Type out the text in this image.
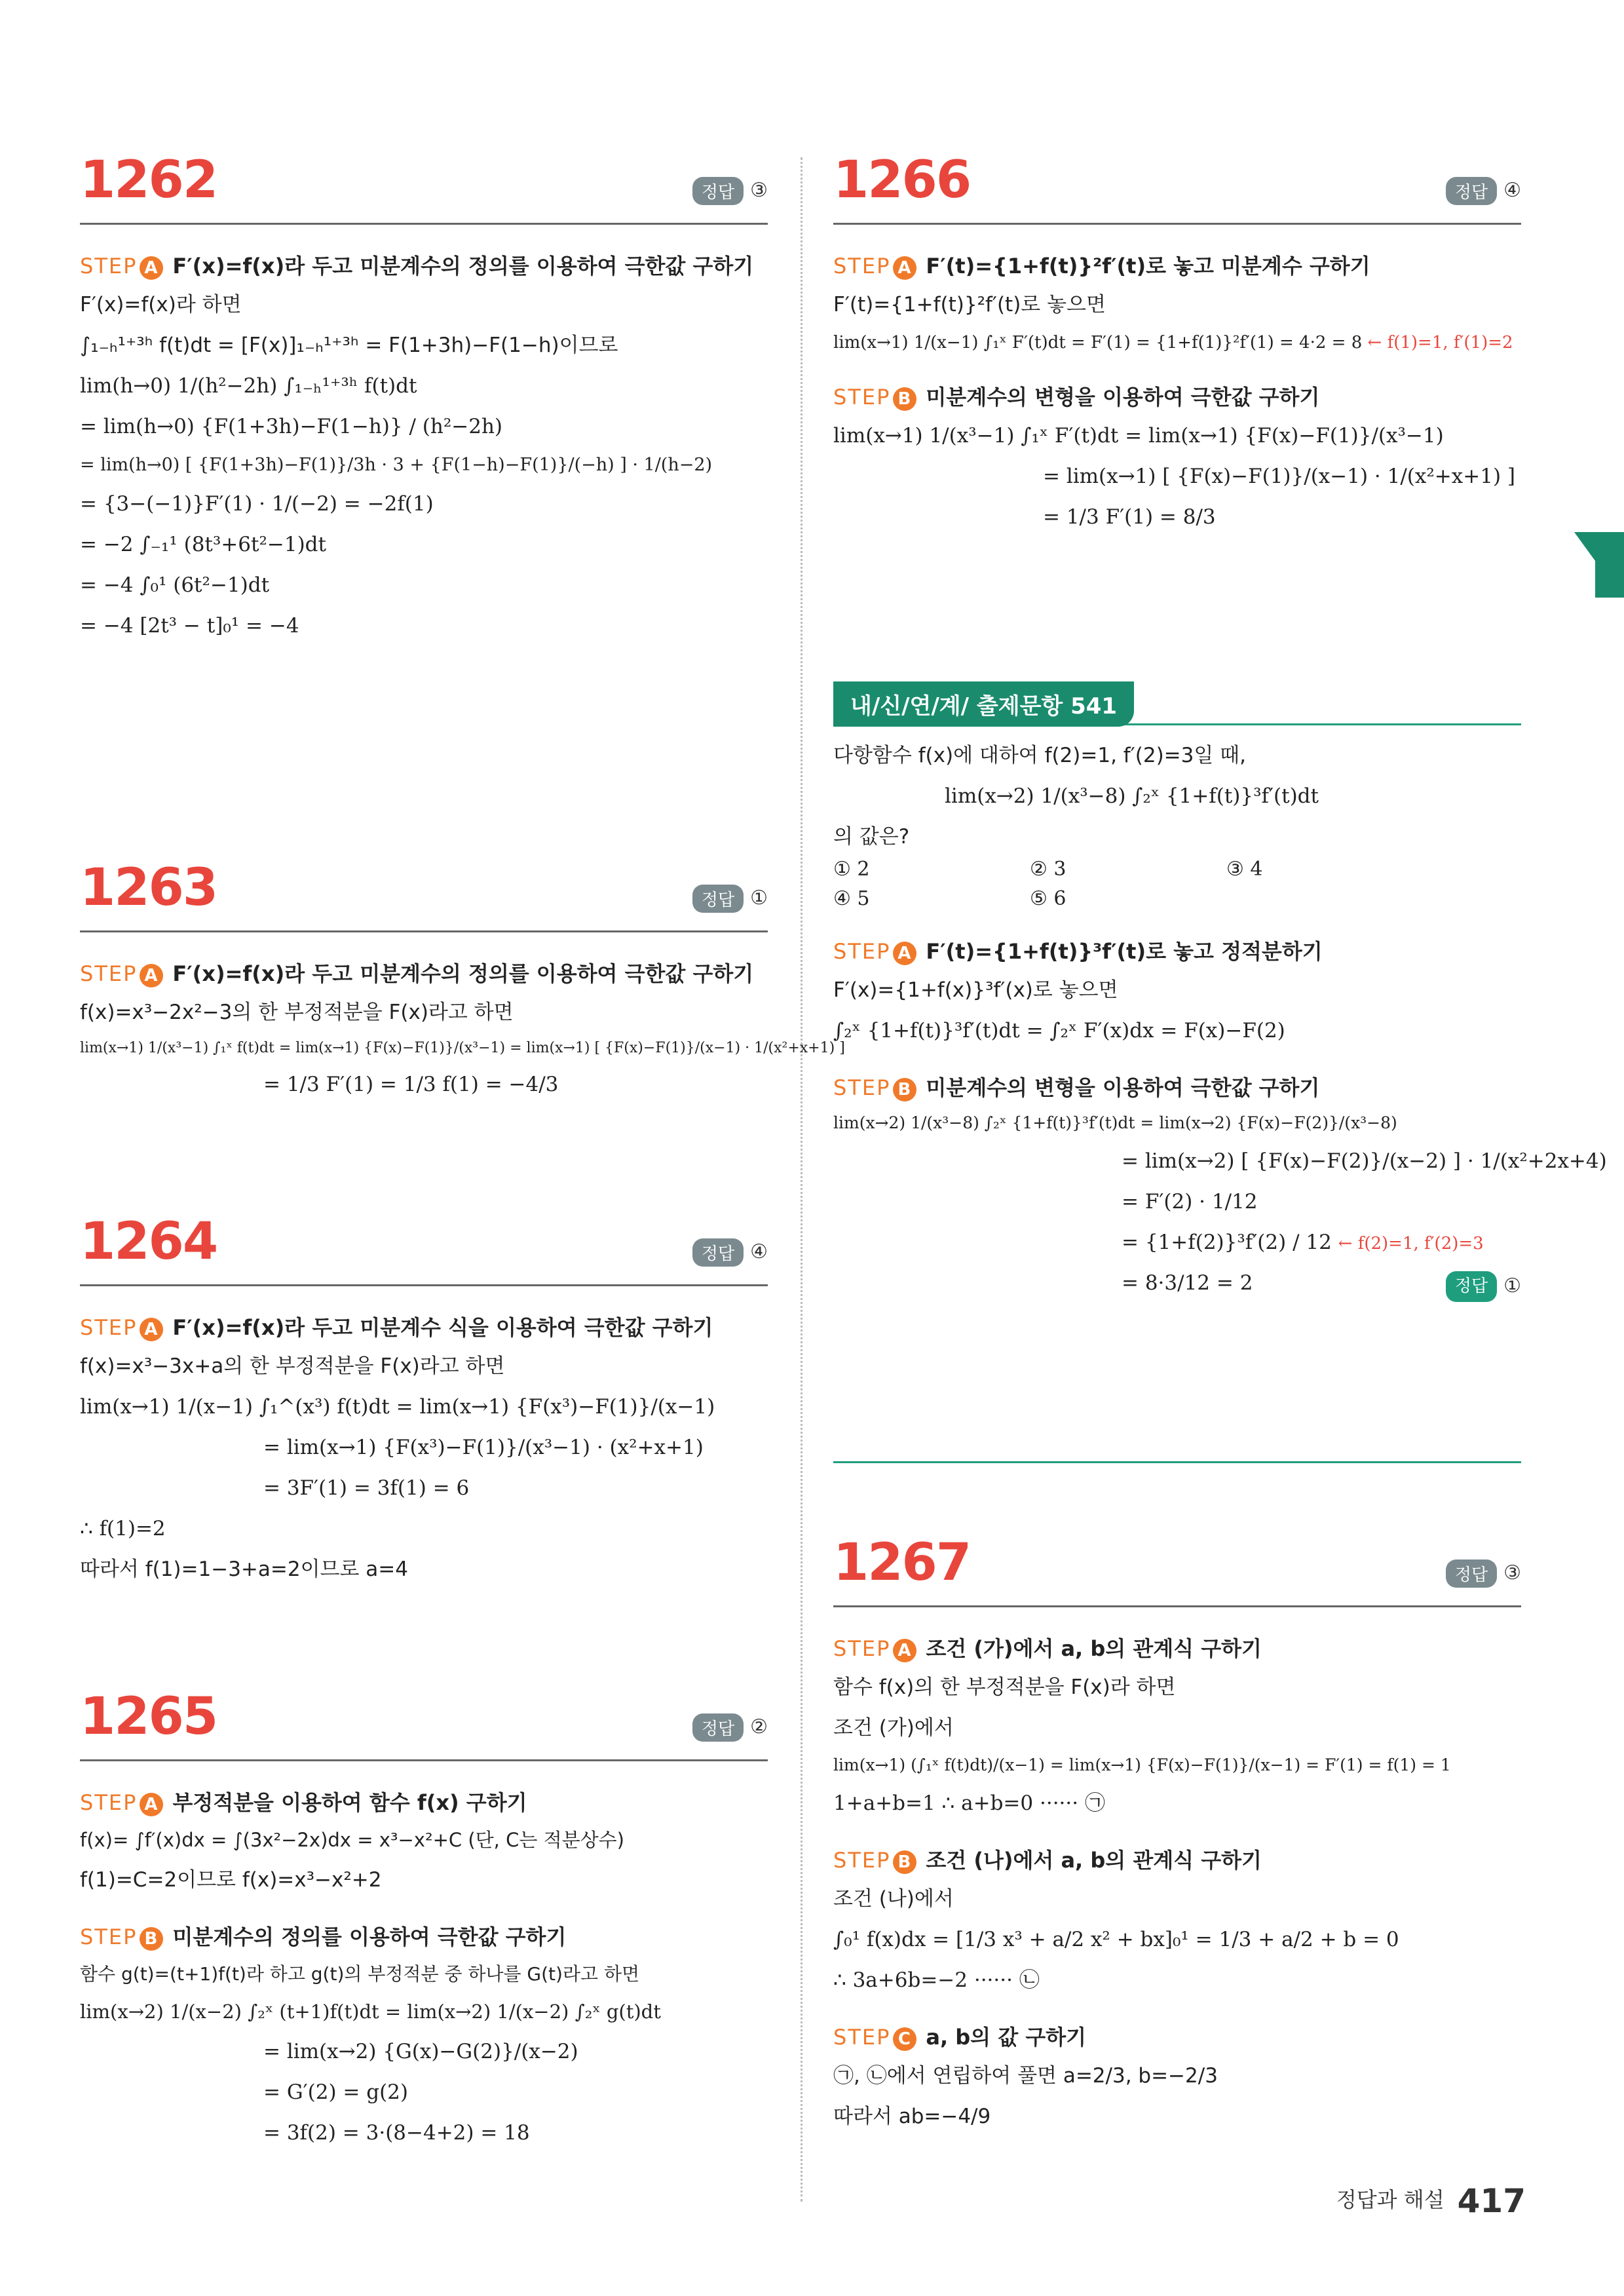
1262	정답 ③
STEP A F′(x)=f(x)라 두고 미분계수의 정의를 이용하여 극한값 구하기
F′(x)=f(x)라 하면
∫₁₋ₕ¹⁺³ʰ f(t)dt = [F(x)]₁₋ₕ¹⁺³ʰ = F(1+3h)−F(1−h)이므로
lim(h→0) 1/(h²−2h) ∫₁₋ₕ¹⁺³ʰ f(t)dt
= lim(h→0) {F(1+3h)−F(1−h)} / (h²−2h)
= lim(h→0) [ {F(1+3h)−F(1)}/3h · 3 + {F(1−h)−F(1)}/(−h) ] · 1/(h−2)
= {3−(−1)}F′(1) · 1/(−2) = −2f(1)
= −2 ∫₋₁¹ (8t³+6t²−1)dt
= −4 ∫₀¹ (6t²−1)dt
= −4 [2t³ − t]₀¹ = −4
1263	정답 ①
STEP A F′(x)=f(x)라 두고 미분계수의 정의를 이용하여 극한값 구하기
f(x)=x³−2x²−3의 한 부정적분을 F(x)라고 하면
lim(x→1) 1/(x³−1) ∫₁ˣ f(t)dt = lim(x→1) {F(x)−F(1)}/(x³−1) = lim(x→1) [ {F(x)−F(1)}/(x−1) · 1/(x²+x+1) ]
= 1/3 F′(1) = 1/3 f(1) = −4/3
1264	정답 ④
STEP A F′(x)=f(x)라 두고 미분계수 식을 이용하여 극한값 구하기
f(x)=x³−3x+a의 한 부정적분을 F(x)라고 하면
lim(x→1) 1/(x−1) ∫₁^(x³) f(t)dt = lim(x→1) {F(x³)−F(1)}/(x−1)
= lim(x→1) {F(x³)−F(1)}/(x³−1) · (x²+x+1)
= 3F′(1) = 3f(1) = 6
∴ f(1)=2
따라서 f(1)=1−3+a=2이므로 a=4
1265	정답 ②
STEP A 부정적분을 이용하여 함수 f(x) 구하기
f(x)= ∫f′(x)dx = ∫(3x²−2x)dx = x³−x²+C (단, C는 적분상수)
f(1)=C=2이므로 f(x)=x³−x²+2
STEP B 미분계수의 정의를 이용하여 극한값 구하기
함수 g(t)=(t+1)f(t)라 하고 g(t)의 부정적분 중 하나를 G(t)라고 하면
lim(x→2) 1/(x−2) ∫₂ˣ (t+1)f(t)dt = lim(x→2) 1/(x−2) ∫₂ˣ g(t)dt
= lim(x→2) {G(x)−G(2)}/(x−2)
= G′(2) = g(2)
= 3f(2) = 3·(8−4+2) = 18
1266	정답 ④
STEP A F′(t)={1+f(t)}²f′(t)로 놓고 미분계수 구하기
F′(t)={1+f(t)}²f′(t)로 놓으면
lim(x→1) 1/(x−1) ∫₁ˣ F′(t)dt = F′(1) = {1+f(1)}²f′(1) = 4·2 = 8 ← f(1)=1, f′(1)=2
STEP B 미분계수의 변형을 이용하여 극한값 구하기
lim(x→1) 1/(x³−1) ∫₁ˣ F′(t)dt = lim(x→1) {F(x)−F(1)}/(x³−1)
= lim(x→1) [ {F(x)−F(1)}/(x−1) · 1/(x²+x+1) ]
= 1/3 F′(1) = 8/3
내/신/연/계/ 출제문항 541
다항함수 f(x)에 대하여 f(2)=1, f′(2)=3일 때,
lim(x→2) 1/(x³−8) ∫₂ˣ {1+f(t)}³f′(t)dt
의 값은?
① 2	② 3	③ 4
④ 5	⑤ 6
STEP A F′(t)={1+f(t)}³f′(t)로 놓고 정적분하기
F′(x)={1+f(x)}³f′(x)로 놓으면
∫₂ˣ {1+f(t)}³f′(t)dt = ∫₂ˣ F′(x)dx = F(x)−F(2)
STEP B 미분계수의 변형을 이용하여 극한값 구하기
lim(x→2) 1/(x³−8) ∫₂ˣ {1+f(t)}³f′(t)dt = lim(x→2) {F(x)−F(2)}/(x³−8)
= lim(x→2) [ {F(x)−F(2)}/(x−2) ] · 1/(x²+2x+4)
= F′(2) · 1/12
= {1+f(2)}³f′(2) / 12 ← f(2)=1, f′(2)=3
= 8·3/12 = 2	정답 ①
1267	정답 ③
STEP A 조건 (가)에서 a, b의 관계식 구하기
함수 f(x)의 한 부정적분을 F(x)라 하면
조건 (가)에서
lim(x→1) (∫₁ˣ f(t)dt)/(x−1) = lim(x→1) {F(x)−F(1)}/(x−1) = F′(1) = f(1) = 1
1+a+b=1 ∴ a+b=0 ······ ㉠
STEP B 조건 (나)에서 a, b의 관계식 구하기
조건 (나)에서
∫₀¹ f(x)dx = [1/3 x³ + a/2 x² + bx]₀¹ = 1/3 + a/2 + b = 0
∴ 3a+6b=−2 ······ ㉡
STEP C a, b의 값 구하기
㉠, ㉡에서 연립하여 풀면 a=2/3, b=−2/3
따라서 ab=−4/9
정답과 해설 417
